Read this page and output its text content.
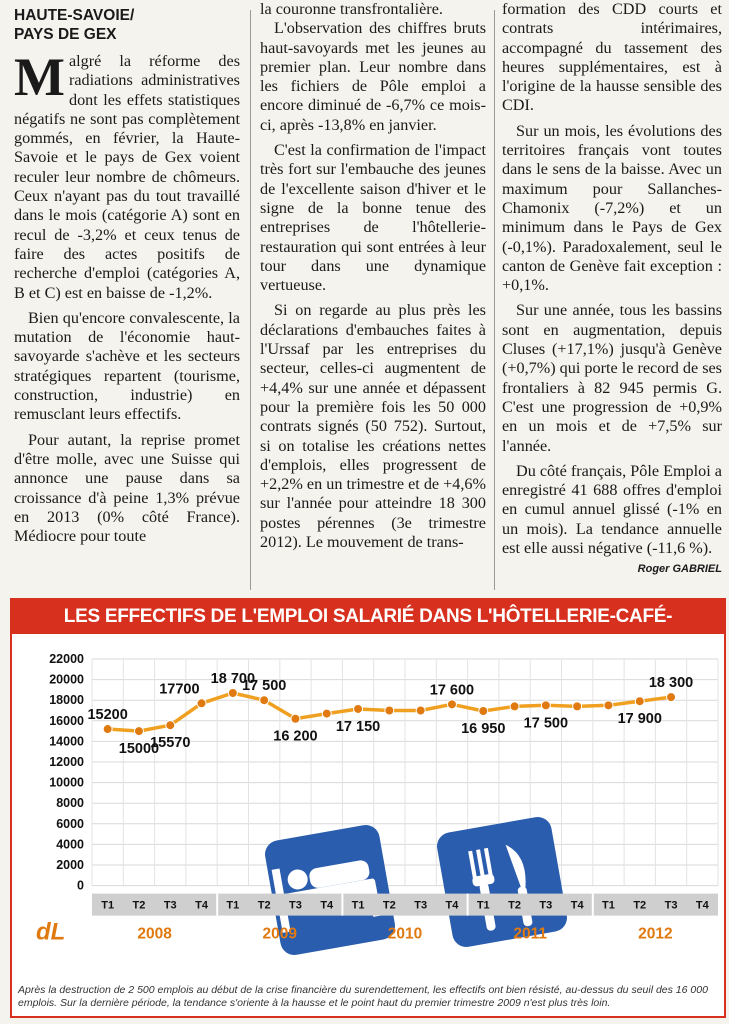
HAUTE-SAVOIE/
PAYS DE GEX

Malgré la réforme des radiations administratives dont les effets statistiques négatifs ne sont pas complètement gommés, en février, la Haute-Savoie et le pays de Gex voient reculer leur nombre de chômeurs. Ceux n'ayant pas du tout travaillé dans le mois (catégorie A) sont en recul de -3,2% et ceux tenus de faire des actes positifs de recherche d'emploi (catégories A, B et C) est en baisse de -1,2%.

Bien qu'encore convalescente, la mutation de l'économie haut-savoyarde s'achève et les secteurs stratégiques repartent (tourisme, construction, industrie) en remusclant leurs effectifs.

Pour autant, la reprise promet d'être molle, avec une Suisse qui annonce une pause dans sa croissance d'à peine 1,3% prévue en 2013 (0% côté France). Médiocre pour toute

la couronne transfrontalière.

L'observation des chiffres bruts haut-savoyards met les jeunes au premier plan. Leur nombre dans les fichiers de Pôle emploi a encore diminué de -6,7% ce mois-ci, après -13,8% en janvier.

C'est la confirmation de l'impact très fort sur l'embauche des jeunes de l'excellente saison d'hiver et le signe de la bonne tenue des entreprises de l'hôtellerie-restauration qui sont entrées à leur tour dans une dynamique vertueuse.

Si on regarde au plus près les déclarations d'embauches faites à l'Urssaf par les entreprises du secteur, celles-ci augmentent de +4,4% sur une année et dépassent pour la première fois les 50 000 contrats signés (50 752). Surtout, si on totalise les créations nettes d'emplois, elles progressent de +2,2% en un trimestre et de +4,6% sur l'année pour atteindre 18 300 postes pérennes (3e trimestre 2012). Le mouvement de trans-

formation des CDD courts et contrats intérimaires, accompagné du tassement des heures supplémentaires, est à l'origine de la hausse sensible des CDI.

Sur un mois, les évolutions des territoires français vont toutes dans le sens de la baisse. Avec un maximum pour Sallanches-Chamonix (-7,2%) et un minimum dans le Pays de Gex (-0,1%). Paradoxalement, seul le canton de Genève fait exception : +0,1%.

Sur une année, tous les bassins sont en augmentation, depuis Cluses (+17,1%) jusqu'à Genève (+0,7%) qui porte le record de ses frontaliers à 82 945 permis G. C'est une progression de +0,9% en un mois et de +7,5% sur l'année.

Du côté français, Pôle Emploi a enregistré 41 688 offres d'emploi en cumul annuel glissé (-1% en un mois). La tendance annuelle est elle aussi négative (-11,6 %).

Roger GABRIEL
LES EFFECTIFS DE L'EMPLOI SALARIÉ DANS L'HÔTELLERIE-CAFÉ-RESTAURATION
22000
20000
18000
16000
14000
12000
10000
8000
6000
4000
2000
0
T1 T2 T3 T4 T1 T2 T3 T4 T1 T2 T3 T4 T1 T2 T3 T4 T1 T2 T3 T4
2008	2009	2010	2011	2012
dL
15200
15000
15570
17700
18 700
17 500
16 200
17 150
17 600
16 950 17 500	17 900
18 300
Après la destruction de 2 500 emplois au début de la crise financière du surendettement, les effectifs ont bien résisté, au-dessus du seuil des 16 000 emplois. Sur la dernière période, la tendance s'oriente à la hausse et le point haut du premier trimestre 2009 n'est plus très loin.
